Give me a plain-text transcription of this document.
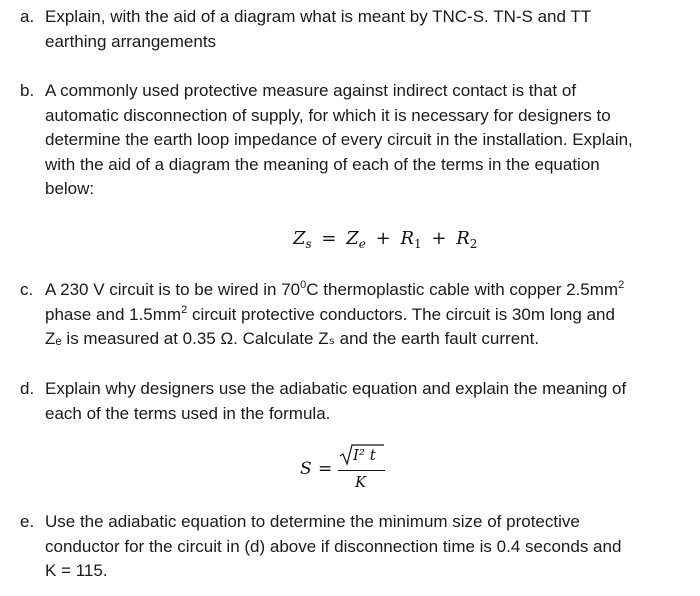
a. Explain, with the aid of a diagram what is meant by TNC-S. TN-S and TT
earthing arrangements
b. A commonly used protective measure against indirect contact is that of
automatic disconnection of supply, for which it is necessary for designers to
determine the earth loop impedance of every circuit in the installation. Explain,
with the aid of a diagram the meaning of each of the terms in the equation
below:
$Z_s = Z_e + R_1 + R_2$
c. A 230 V circuit is to be wired in $70^0C$ thermoplastic cable with copper $2.5mm^2$
phase and $1.5mm^2$ circuit protective conductors. The circuit is 30m long and
Zₑ is measured at 0.35 Ω. Calculate Zₛ and the earth fault current.
d. Explain why designers use the adiabatic equation and explain the meaning of
each of the terms used in the formula.
S =
I² t
K
e. Use the adiabatic equation to determine the minimum size of protective
conductor for the circuit in (d) above if disconnection time is 0.4 seconds and
K = 115.
